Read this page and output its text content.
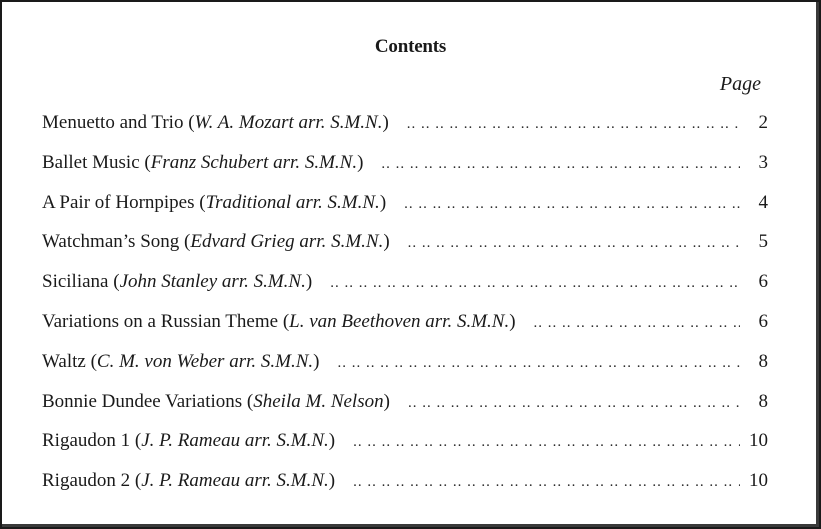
Contents
Page
Menuetto and Trio (W. A. Mozart arr. S.M.N.) .. ..	2
Ballet Music (Franz Schubert arr. S.M.N.) .. ..	3
A Pair of Hornpipes (Traditional arr. S.M.N.) .. ..	4
Watchman’s Song (Edvard Grieg arr. S.M.N.) .. ..	5
Siciliana (John Stanley arr. S.M.N.) .. ..	6
Variations on a Russian Theme (L. van Beethoven arr. S.M.N.) .. ..	6
Waltz (C. M. von Weber arr. S.M.N.) .. ..	8
Bonnie Dundee Variations (Sheila M. Nelson) .. ..	8
Rigaudon 1 (J. P. Rameau arr. S.M.N.) .. ..	10
Rigaudon 2 (J. P. Rameau arr. S.M.N.) .. ..	10
